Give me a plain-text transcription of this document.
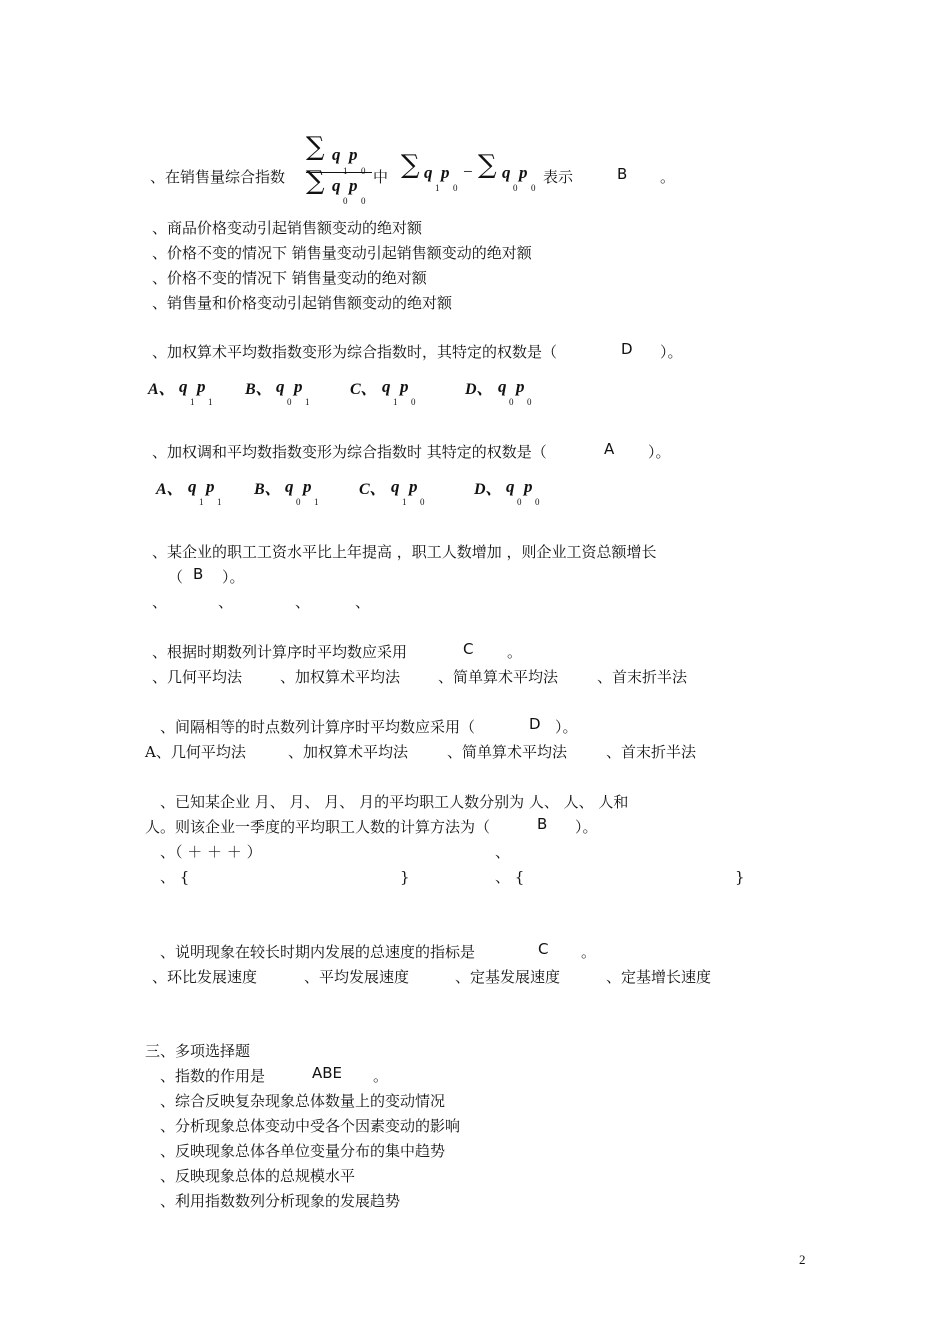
、在销售量综合指数
∑ q
1
p
0
∑ q
0
p
0
中 ∑ q
1
p
0
− ∑ q
0
p
0
表示	B 。
、商品价格变动引起销售额变动的绝对额
、价格不变的情况下 销售量变动引起销售额变动的绝对额
、价格不变的情况下 销售量变动的绝对额
、销售量和价格变动引起销售额变动的绝对额
、加权算术平均数指数变形为综合指数时，其特定的权数是（	D ）。
A、 q
1
p
1
B、 q
0
p
1
C、 q
1
p
0
D、 q
0
p
0
、加权调和平均数指数变形为综合指数时 其特定的权数是（	A ）。
A、 q
1
p
1
B、 q
0
p
1
C、 q
1
p
0
D、 q
0
p
0
、某企业的职工工资水平比上年提高 ，职工人数增加 ，则企业工资总额增长
（ B ）。
、	、	、	、
、根据时期数列计算序时平均数应采用	C 。
、几何平均法	、加权算术平均法	、简单算术平均法	、首末折半法
、间隔相等的时点数列计算序时平均数应采用（	D ）。
A、几何平均法	、加权算术平均法	、简单算术平均法	、首末折半法
、已知某企业 月、 月、 月、 月的平均职工人数分别为 人、 人、 人和
人。则该企业一季度的平均职工人数的计算方法为（	B ）。
、（ ＋ ＋ ＋ ）	、
、 {	}	、 {	}
、说明现象在较长时期内发展的总速度的指标是	C 。
、环比发展速度	、平均发展速度	、定基发展速度	、定基增长速度
三、多项选择题
、指数的作用是	ABE 。
、综合反映复杂现象总体数量上的变动情况
、分析现象总体变动中受各个因素变动的影响
、反映现象总体各单位变量分布的集中趋势
、反映现象总体的总规模水平
、利用指数数列分析现象的发展趋势
2
